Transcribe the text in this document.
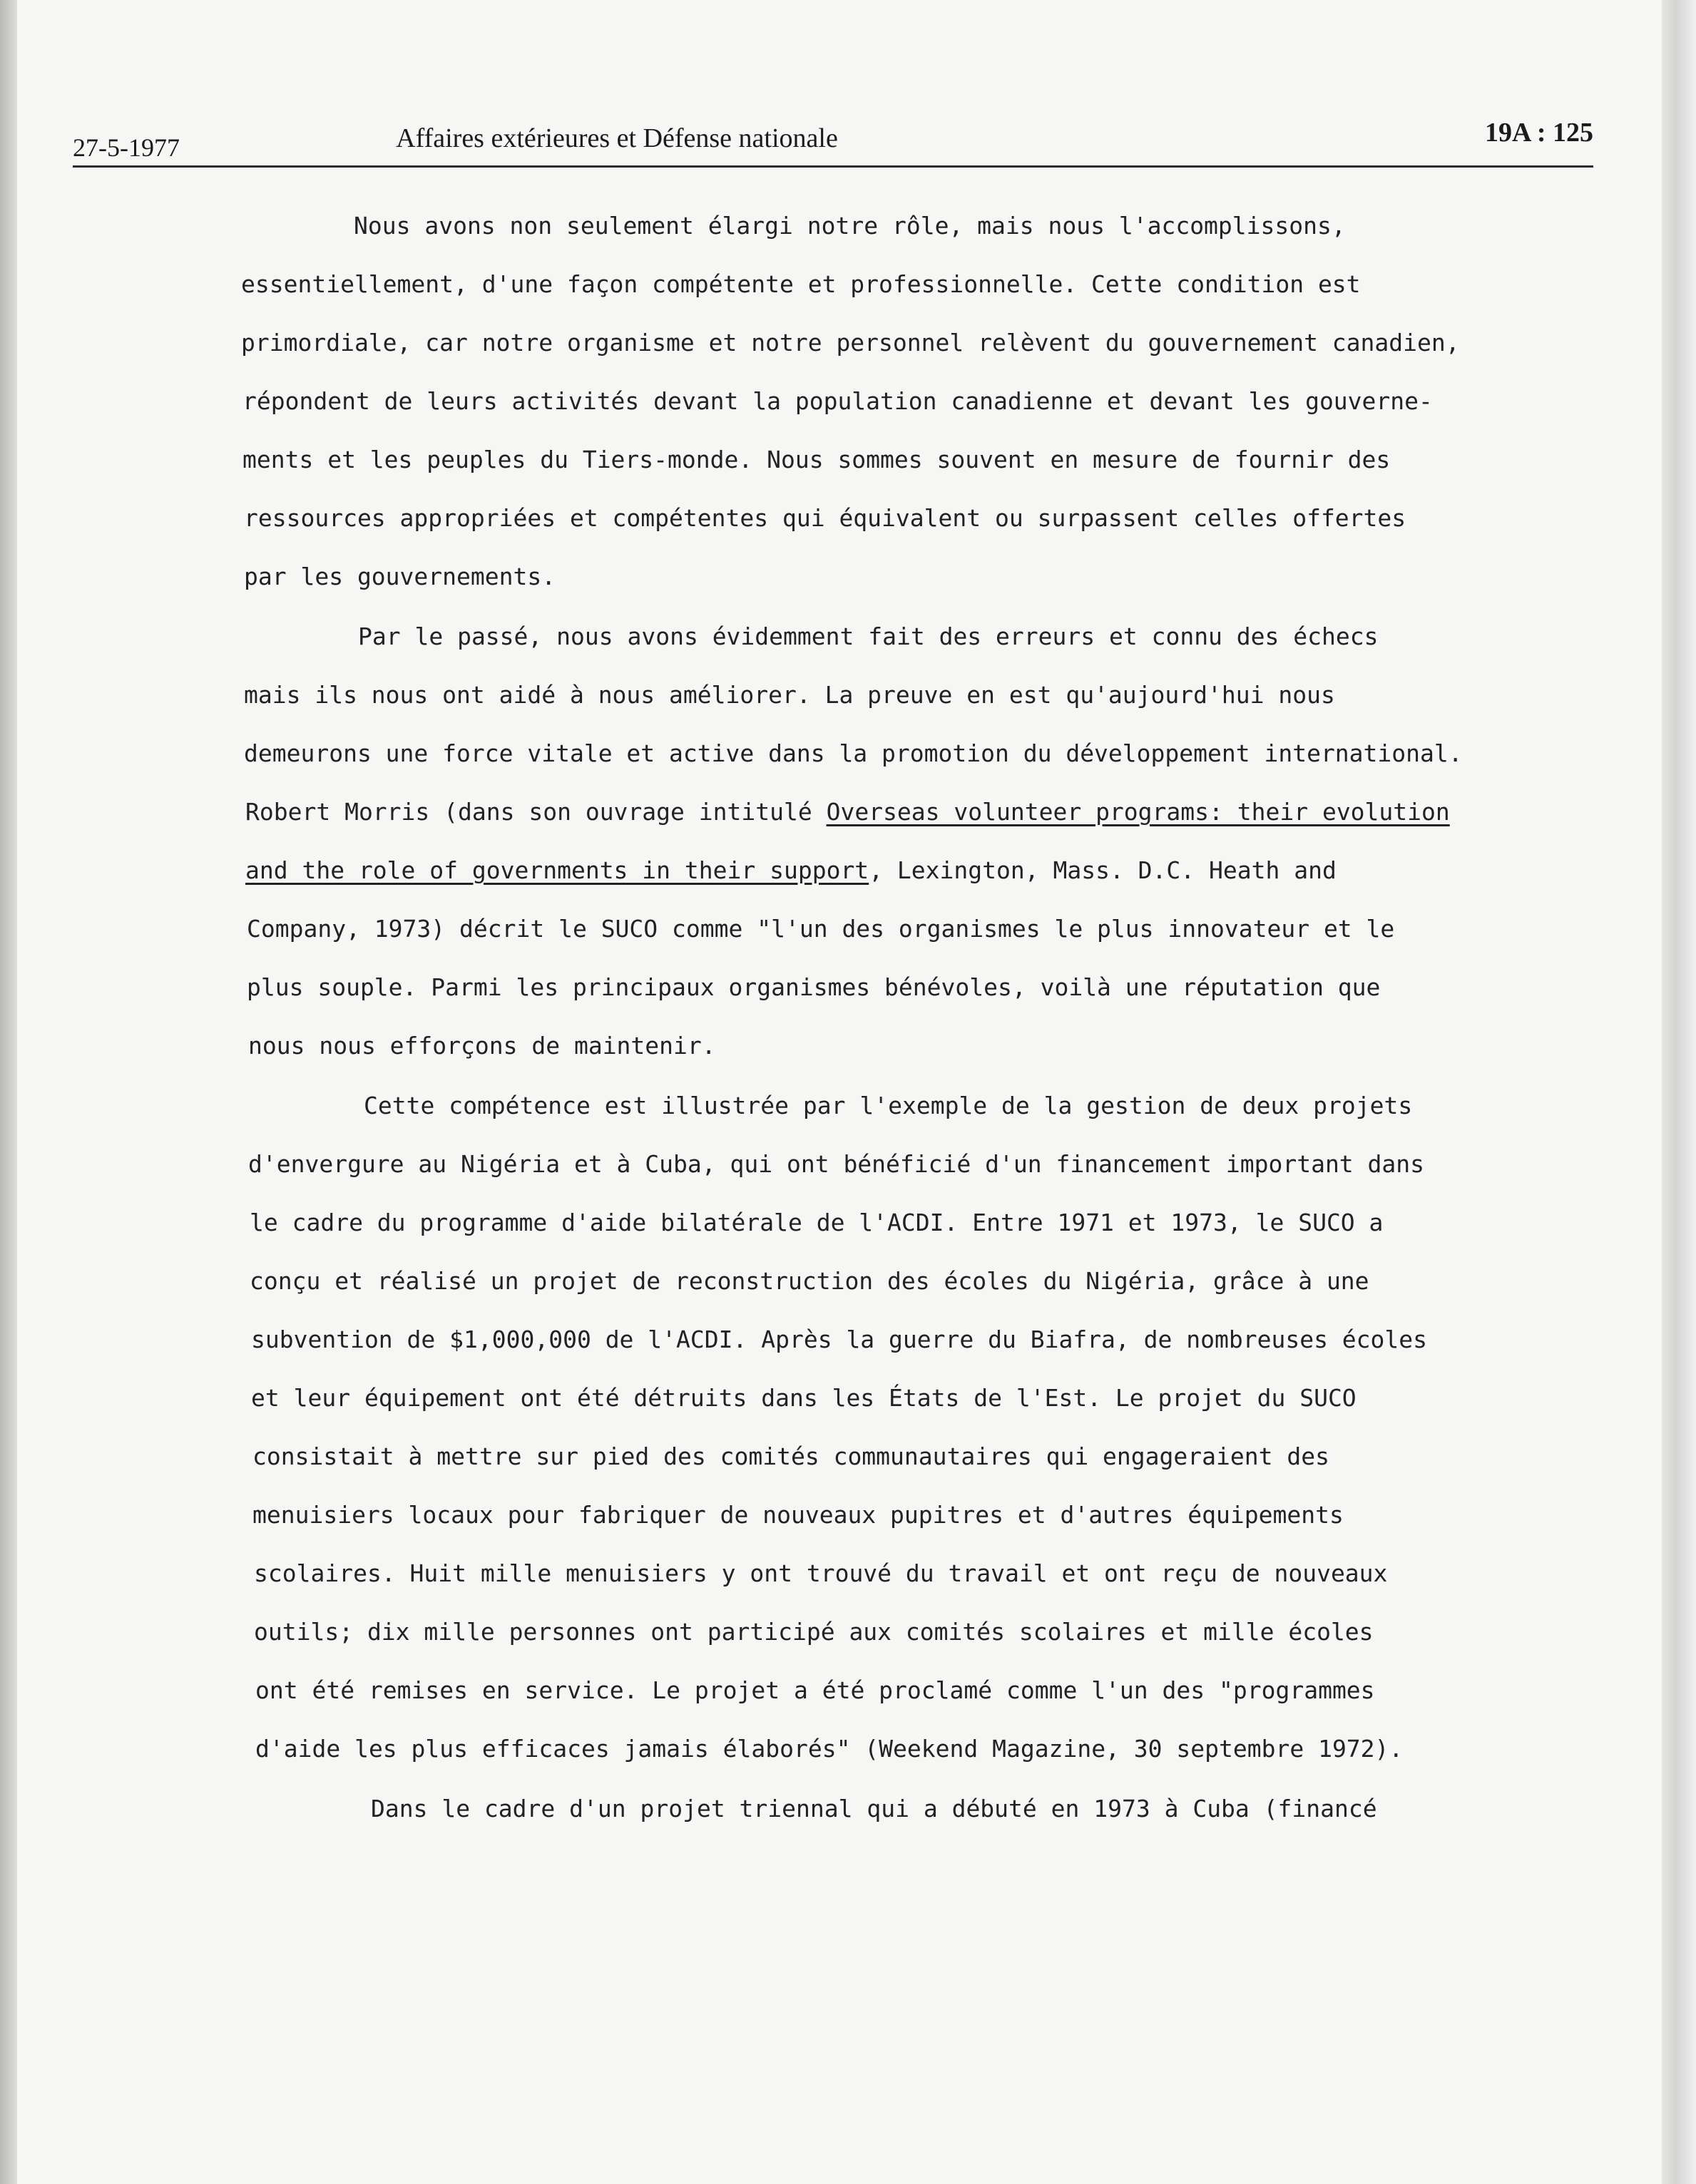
27-5-1977	Affaires extérieures et Défense nationale	19A : 125
Nous avons non seulement élargi notre rôle, mais nous l'accomplissons,
essentiellement, d'une façon compétente et professionnelle. Cette condition est
primordiale, car notre organisme et notre personnel relèvent du gouvernement canadien,
répondent de leurs activités devant la population canadienne et devant les gouverne-
ments et les peuples du Tiers-monde. Nous sommes souvent en mesure de fournir des
ressources appropriées et compétentes qui équivalent ou surpassent celles offertes
par les gouvernements.
Par le passé, nous avons évidemment fait des erreurs et connu des échecs
mais ils nous ont aidé à nous améliorer. La preuve en est qu'aujourd'hui nous
demeurons une force vitale et active dans la promotion du développement international.
Robert Morris (dans son ouvrage intitulé Overseas volunteer programs: their evolution
and the role of governments in their support, Lexington, Mass. D.C. Heath and
Company, 1973) décrit le SUCO comme "l'un des organismes le plus innovateur et le
plus souple. Parmi les principaux organismes bénévoles, voilà une réputation que
nous nous efforçons de maintenir.
Cette compétence est illustrée par l'exemple de la gestion de deux projets
d'envergure au Nigéria et à Cuba, qui ont bénéficié d'un financement important dans
le cadre du programme d'aide bilatérale de l'ACDI. Entre 1971 et 1973, le SUCO a
conçu et réalisé un projet de reconstruction des écoles du Nigéria, grâce à une
subvention de $1,000,000 de l'ACDI. Après la guerre du Biafra, de nombreuses écoles
et leur équipement ont été détruits dans les États de l'Est. Le projet du SUCO
consistait à mettre sur pied des comités communautaires qui engageraient des
menuisiers locaux pour fabriquer de nouveaux pupitres et d'autres équipements
scolaires. Huit mille menuisiers y ont trouvé du travail et ont reçu de nouveaux
outils; dix mille personnes ont participé aux comités scolaires et mille écoles
ont été remises en service. Le projet a été proclamé comme l'un des "programmes
d'aide les plus efficaces jamais élaborés" (Weekend Magazine, 30 septembre 1972).
Dans le cadre d'un projet triennal qui a débuté en 1973 à Cuba (financé
